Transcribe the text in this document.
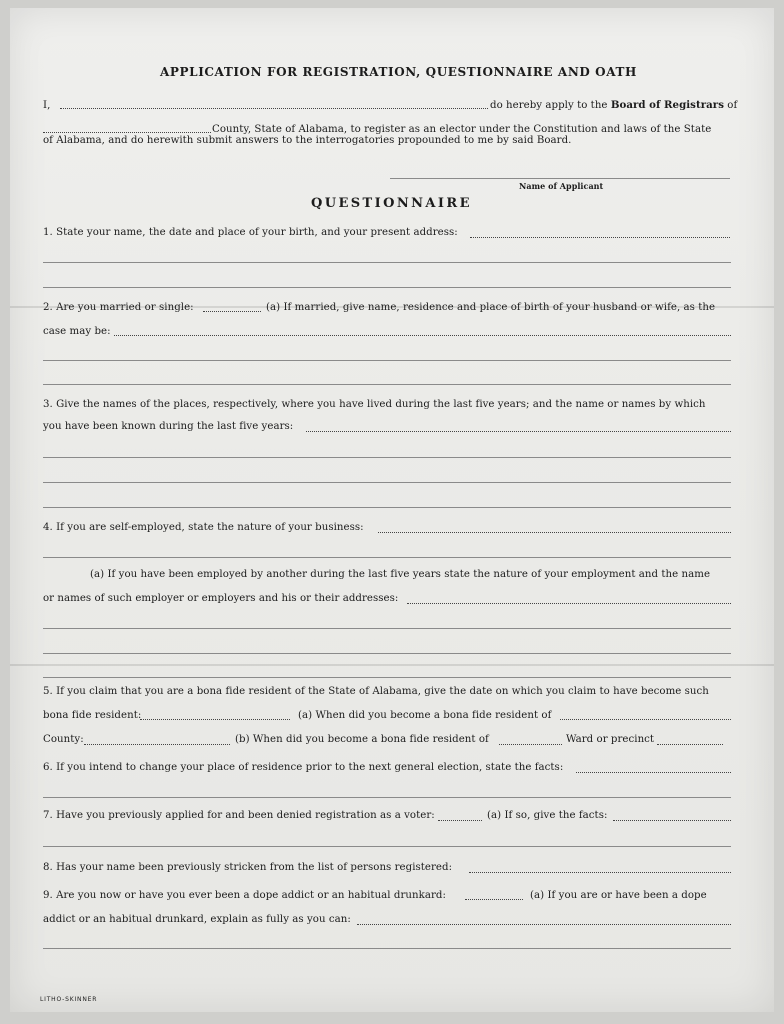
APPLICATION FOR REGISTRATION, QUESTIONNAIRE AND OATH
I,	do hereby apply to the Board of Registrars of
County, State of Alabama, to register as an elector under the Constitution and laws of the State
of Alabama, and do herewith submit answers to the interrogatories propounded to me by said Board.
Name of Applicant
QUESTIONNAIRE
1. State your name, the date and place of your birth, and your present address:
2. Are you married or single:	(a) If married, give name, residence and place of birth of your husband or wife, as the
case may be:
3. Give the names of the places, respectively, where you have lived during the last five years; and the name or names by which
you have been known during the last five years:
4. If you are self-employed, state the nature of your business:
(a) If you have been employed by another during the last five years state the nature of your employment and the name
or names of such employer or employers and his or their addresses:
5. If you claim that you are a bona fide resident of the State of Alabama, give the date on which you claim to have become such
bona fide resident:	(a) When did you become a bona fide resident of
County:	(b) When did you become a bona fide resident of	Ward or precinct
6. If you intend to change your place of residence prior to the next general election, state the facts:
7. Have you previously applied for and been denied registration as a voter:	(a) If so, give the facts:
8. Has your name been previously stricken from the list of persons registered:
9. Are you now or have you ever been a dope addict or an habitual drunkard:	(a) If you are or have been a dope
addict or an habitual drunkard, explain as fully as you can:
LITHO-SKINNER
